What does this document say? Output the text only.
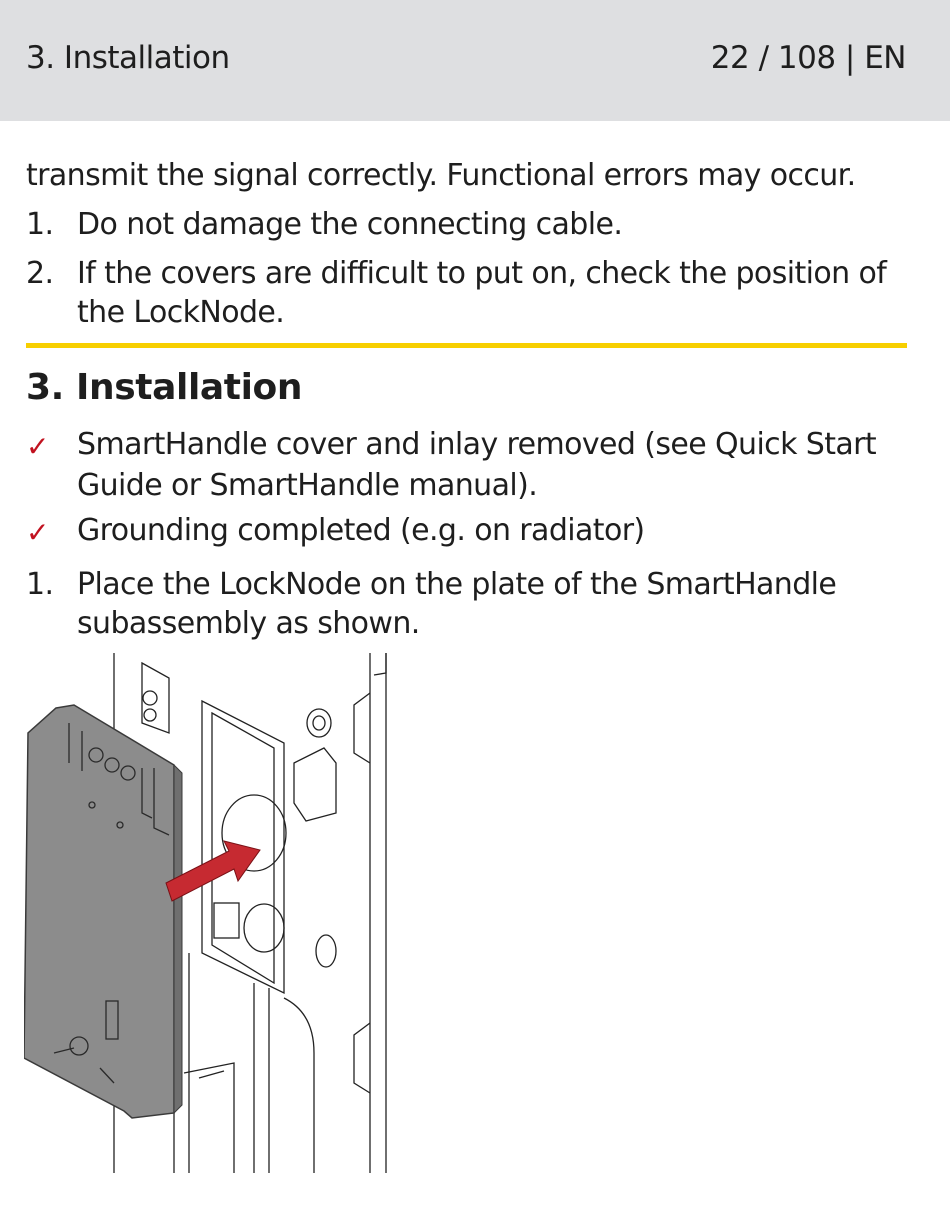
3. Installation	22 / 108 | EN
transmit the signal correctly. Functional errors may occur.
1. Do not damage the connecting cable.
2. If the covers are difficult to put on, check the position of
the LockNode.
3. Installation
✓ SmartHandle cover and inlay removed (see Quick Start
Guide or SmartHandle manual).
✓ Grounding completed (e.g. on radiator)
1. Place the LockNode on the plate of the SmartHandle
subassembly as shown.
